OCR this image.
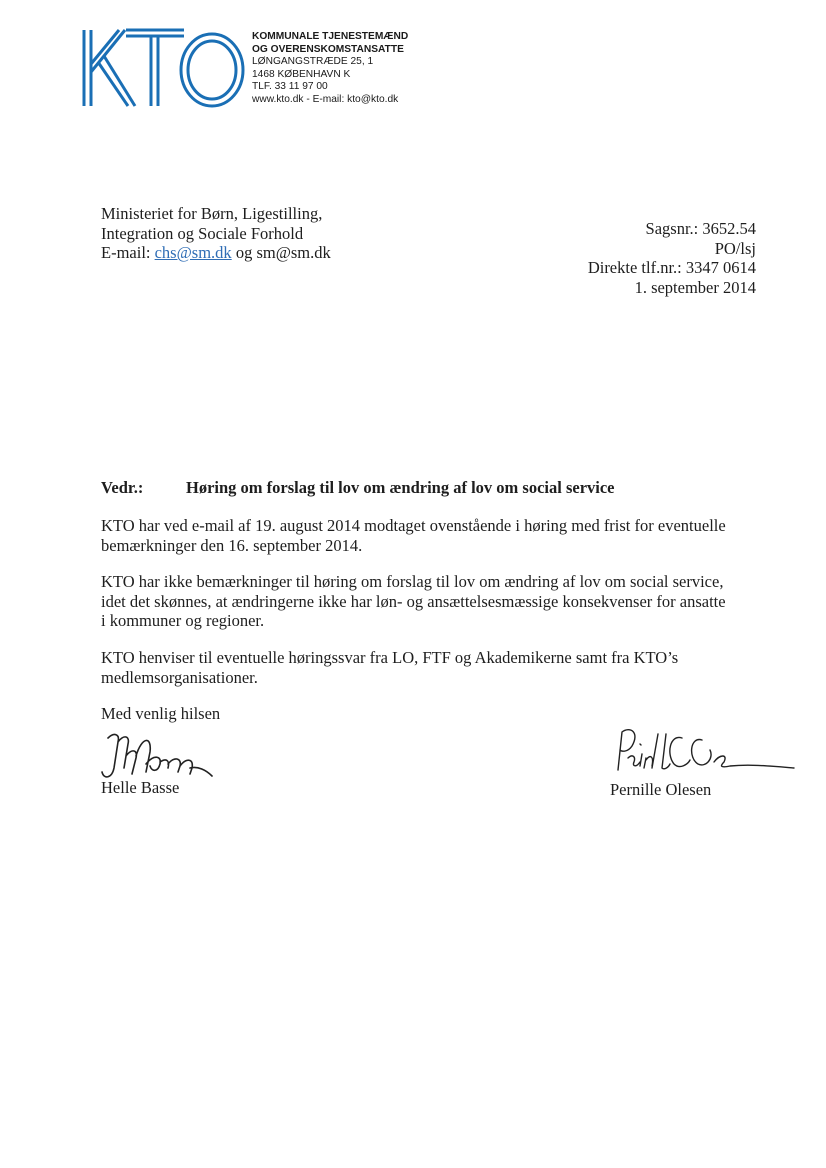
KOMMUNALE TJENESTEMÆND
OG OVERENSKOMSTANSATTE
LØNGANGSTRÆDE 25, 1
1468 KØBENHAVN K
TLF. 33 11 97 00
www.kto.dk - E-mail: kto@kto.dk
Ministeriet for Børn, Ligestilling,
Integration og Sociale Forhold
E-mail: chs@sm.dk og sm@sm.dk
Sagsnr.: 3652.54
PO/lsj
Direkte tlf.nr.: 3347 0614
1. september 2014
Vedr.:	Høring om forslag til lov om ændring af lov om social service
KTO har ved e-mail af 19. august 2014 modtaget ovenstående i høring med frist for eventuelle bemærkninger den 16. september 2014.
KTO har ikke bemærkninger til høring om forslag til lov om ændring af lov om social service, idet det skønnes, at ændringerne ikke har løn- og ansættelsesmæssige konsekvenser for ansatte i kommuner og regioner.
KTO henviser til eventuelle høringssvar fra LO, FTF og Akademikerne samt fra KTO’s medlemsorganisationer.
Med venlig hilsen
Helle Basse	Pernille Olesen
